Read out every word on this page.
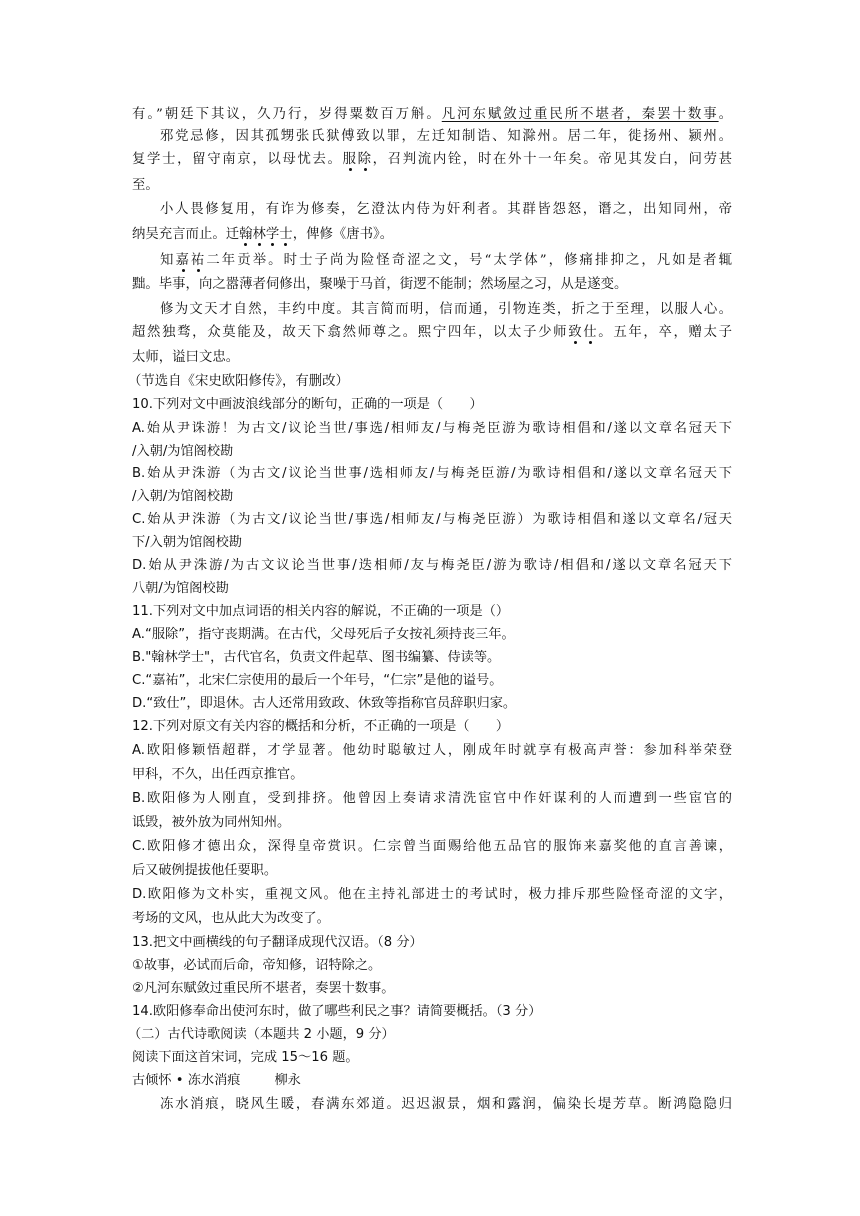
有。”朝廷下其议，久乃行，岁得粟数百万斛。凡河东赋敛过重民所不堪者，秦罢十数事。
邪党忌修，因其孤甥张氏狱傅致以罪，左迁知制诰、知滁州。居二年，徙扬州、颍州。
复学士，留守南京，以母忧去。服除，召判流内铨，时在外十一年矣。帝见其发白，问劳甚
至。
小人畏修复用，有诈为修奏，乞澄汰内侍为奸利者。其群皆怨怒，谮之，出知同州，帝
纳吴充言而止。迁翰林学士，俾修《唐书》。
知嘉祐二年贡举。时士子尚为险怪奇涩之文，号“太学体”，修痛排抑之，凡如是者辄
黜。毕事，向之嚣薄者伺修出，聚噪于马首，街逻不能制；然场屋之习，从是遂变。
修为文天才自然，丰约中度。其言简而明，信而通，引物连类，折之于至理，以服人心。
超然独骛，众莫能及，故天下翕然师尊之。熙宁四年，以太子少师致仕。五年，卒，赠太子
太师，谥曰文忠。
（节选自《宋史欧阳修传》，有删改）
10.下列对文中画波浪线部分的断句，正确的一项是（　　）
A.始从尹诛游！为古文/议论当世/事选/相师友/与梅尧臣游为歌诗相倡和/遂以文章名冠天下
/入朝/为馆阁校勘
B.始从尹洙游（为古文/议论当世事/选相师友/与梅尧臣游/为歌诗相倡和/遂以文章名冠天下
/入朝/为馆阁校勘
C.始从尹洙游（为古文/议论当世/事选/相师友/与梅尧臣游）为歌诗相倡和遂以文章名/冠天
下/入朝为馆阁校勘
D.始从尹洙游/为古文议论当世事/迭相师/友与梅尧臣/游为歌诗/相倡和/遂以文章名冠天下
八朝/为馆阁校勘
11.下列对文中加点词语的相关内容的解说，不正确的一项是（）
A.“服除”，指守丧期满。在古代，父母死后子女按礼须持丧三年。
B."翰林学士"，古代官名，负责文件起草、图书编纂、侍读等。
C.“嘉祐”，北宋仁宗使用的最后一个年号，“仁宗”是他的谥号。
D.“致仕”，即退休。古人还常用致政、休致等指称官员辞职归家。
12.下列对原文有关内容的概括和分析，不正确的一项是（　　）
A.欧阳修颖悟超群，才学显著。他幼时聪敏过人，刚成年时就享有极高声誉：参加科举荣登
甲科，不久，出任西京推官。
B.欧阳修为人刚直，受到排挤。他曾因上奏请求清洗宦官中作奸谋利的人而遭到一些宦官的
诋毁，被外放为同州知州。
C.欧阳修才德出众，深得皇帝赏识。仁宗曾当面赐给他五品官的服饰来嘉奖他的直言善谏，
后又破例提拔他任要职。
D.欧阳修为文朴实，重视文风。他在主持礼部进士的考试时，极力排斥那些险怪奇涩的文字，
考场的文风，也从此大为改变了。
13.把文中画横线的句子翻译成现代汉语。（8 分）
①故事，必试而后命，帝知修，诏特除之。
②凡河东赋敛过重民所不堪者，奏罢十数事。
14.欧阳修奉命出使河东时，做了哪些利民之事？请简要概括。（3 分）
（二）古代诗歌阅读（本题共 2 小题，9 分）
阅读下面这首宋词，完成 15～16 题。
古倾怀 • 冻水消痕	柳永
冻水消痕，晓风生暖，春满东郊道。迟迟淑景，烟和露润，偏染长堤芳草。断鸿隐隐归
